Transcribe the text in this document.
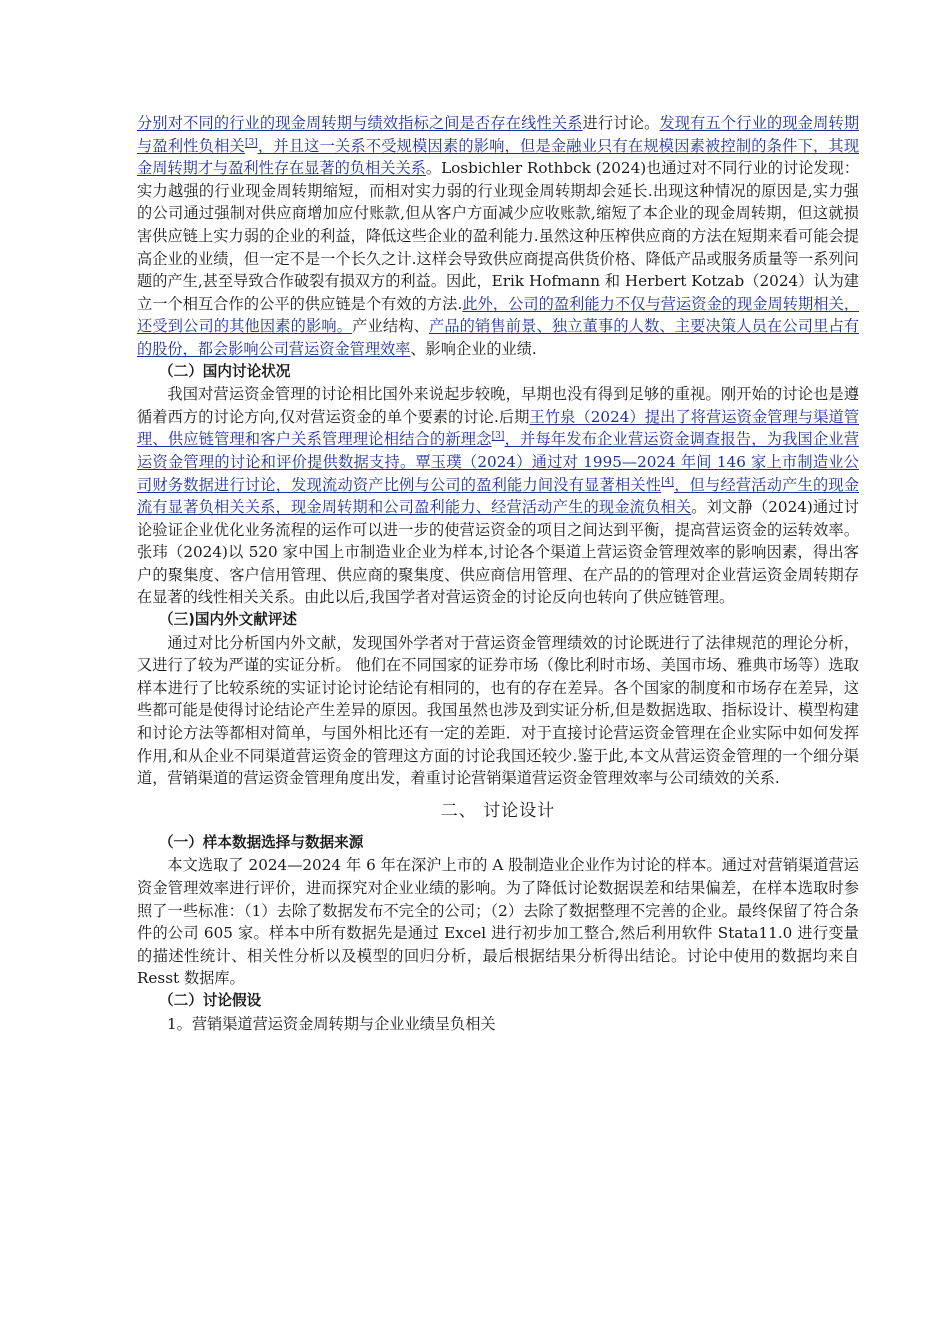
分别对不同的行业的现金周转期与绩效指标之间是否存在线性关系进行讨论。发现有五个行业的现金周转期与盈利性负相关[3]，并且这一关系不受规模因素的影响，但是金融业只有在规模因素被控制的条件下，其现金周转期才与盈利性存在显著的负相关关系。Losbichler Rothbck (2024)也通过对不同行业的讨论发现：实力越强的行业现金周转期缩短，而相对实力弱的行业现金周转期却会延长.出现这种情况的原因是,实力强的公司通过强制对供应商增加应付账款,但从客户方面减少应收账款,缩短了本企业的现金周转期，但这就损害供应链上实力弱的企业的利益，降低这些企业的盈利能力.虽然这种压榨供应商的方法在短期来看可能会提高企业的业绩，但一定不是一个长久之计.这样会导致供应商提高供货价格、降低产品或服务质量等一系列问题的产生,甚至导致合作破裂有损双方的利益。因此，Erik Hofmann 和 Herbert Kotzab（2024）认为建立一个相互合作的公平的供应链是个有效的方法.此外，公司的盈利能力不仅与营运资金的现金周转期相关，还受到公司的其他因素的影响。产业结构、产品的销售前景、独立董事的人数、主要决策人员在公司里占有的股份，都会影响公司营运资金管理效率、影响企业的业绩.

（二）国内讨论状况

我国对营运资金管理的讨论相比国外来说起步较晚，早期也没有得到足够的重视。刚开始的讨论也是遵循着西方的讨论方向,仅对营运资金的单个要素的讨论.后期王竹泉（2024）提出了将营运资金管理与渠道管理、供应链管理和客户关系管理理论相结合的新理念[3]，并每年发布企业营运资金调查报告，为我国企业营运资金管理的讨论和评价提供数据支持。覃玉璞（2024）通过对 1995—2024 年间 146 家上市制造业公司财务数据进行讨论，发现流动资产比例与公司的盈利能力间没有显著相关性[4]，但与经营活动产生的现金流有显著负相关关系，现金周转期和公司盈利能力、经营活动产生的现金流负相关。刘文静（2024)通过讨论验证企业优化业务流程的运作可以进一步的使营运资金的项目之间达到平衡，提高营运资金的运转效率。张玮（2024)以 520 家中国上市制造业企业为样本,讨论各个渠道上营运资金管理效率的影响因素，得出客户的聚集度、客户信用管理、供应商的聚集度、供应商信用管理、在产品的的管理对企业营运资金周转期存在显著的线性相关关系。由此以后,我国学者对营运资金的讨论反向也转向了供应链管理。

（三)国内外文献评述

通过对比分析国内外文献，发现国外学者对于营运资金管理绩效的讨论既进行了法律规范的理论分析，又进行了较为严谨的实证分析。 他们在不同国家的证券市场（像比利时市场、美国市场、雅典市场等）选取样本进行了比较系统的实证讨论讨论结论有相同的，也有的存在差异。各个国家的制度和市场存在差异，这些都可能是使得讨论结论产生差异的原因。我国虽然也涉及到实证分析,但是数据选取、指标设计、模型构建和讨论方法等都相对简单，与国外相比还有一定的差距．对于直接讨论营运资金管理在企业实际中如何发挥作用,和从企业不同渠道营运资金的管理这方面的讨论我国还较少.鉴于此,本文从营运资金管理的一个细分渠道，营销渠道的营运资金管理角度出发，着重讨论营销渠道营运资金管理效率与公司绩效的关系.

二、 讨论设计

（一）样本数据选择与数据来源

本文选取了 2024—2024 年 6 年在深沪上市的 A 股制造业企业作为讨论的样本。通过对营销渠道营运资金管理效率进行评价，进而探究对企业业绩的影响。为了降低讨论数据误差和结果偏差，在样本选取时参照了一些标准：（1）去除了数据发布不完全的公司；（2）去除了数据整理不完善的企业。最终保留了符合条件的公司 605 家。样本中所有数据先是通过 Excel 进行初步加工整合,然后利用软件 Stata11.0 进行变量的描述性统计、相关性分析以及模型的回归分析，最后根据结果分析得出结论。讨论中使用的数据均来自 Resst 数据库。

（二）讨论假设

1。营销渠道营运资金周转期与企业业绩呈负相关
